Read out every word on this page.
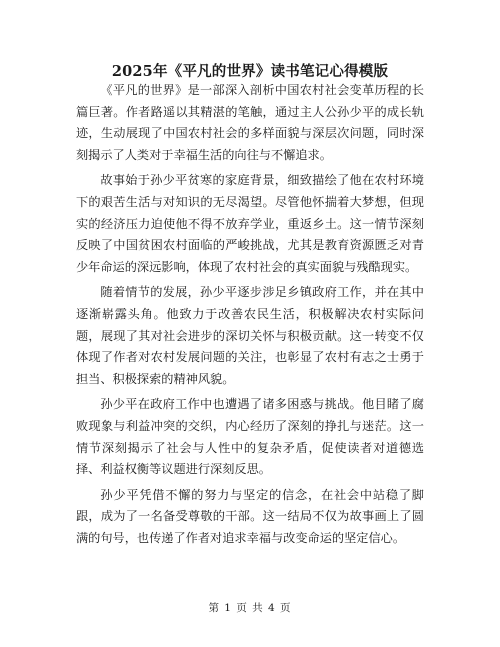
2025年《平凡的世界》读书笔记心得模版

《平凡的世界》是一部深入剖析中国农村社会变革历程的长篇巨著。作者路遥以其精湛的笔触，通过主人公孙少平的成长轨迹，生动展现了中国农村社会的多样面貌与深层次问题，同时深刻揭示了人类对于幸福生活的向往与不懈追求。

故事始于孙少平贫寒的家庭背景，细致描绘了他在农村环境下的艰苦生活与对知识的无尽渴望。尽管他怀揣着大梦想，但现实的经济压力迫使他不得不放弃学业，重返乡土。这一情节深刻反映了中国贫困农村面临的严峻挑战，尤其是教育资源匮乏对青少年命运的深远影响，体现了农村社会的真实面貌与残酷现实。

随着情节的发展，孙少平逐步涉足乡镇政府工作，并在其中逐渐崭露头角。他致力于改善农民生活，积极解决农村实际问题，展现了其对社会进步的深切关怀与积极贡献。这一转变不仅体现了作者对农村发展问题的关注，也彰显了农村有志之士勇于担当、积极探索的精神风貌。

孙少平在政府工作中也遭遇了诸多困惑与挑战。他目睹了腐败现象与利益冲突的交织，内心经历了深刻的挣扎与迷茫。这一情节深刻揭示了社会与人性中的复杂矛盾，促使读者对道德选择、利益权衡等议题进行深刻反思。

孙少平凭借不懈的努力与坚定的信念，在社会中站稳了脚跟，成为了一名备受尊敬的干部。这一结局不仅为故事画上了圆满的句号，也传递了作者对追求幸福与改变命运的坚定信心。

第 1 页 共 4 页
